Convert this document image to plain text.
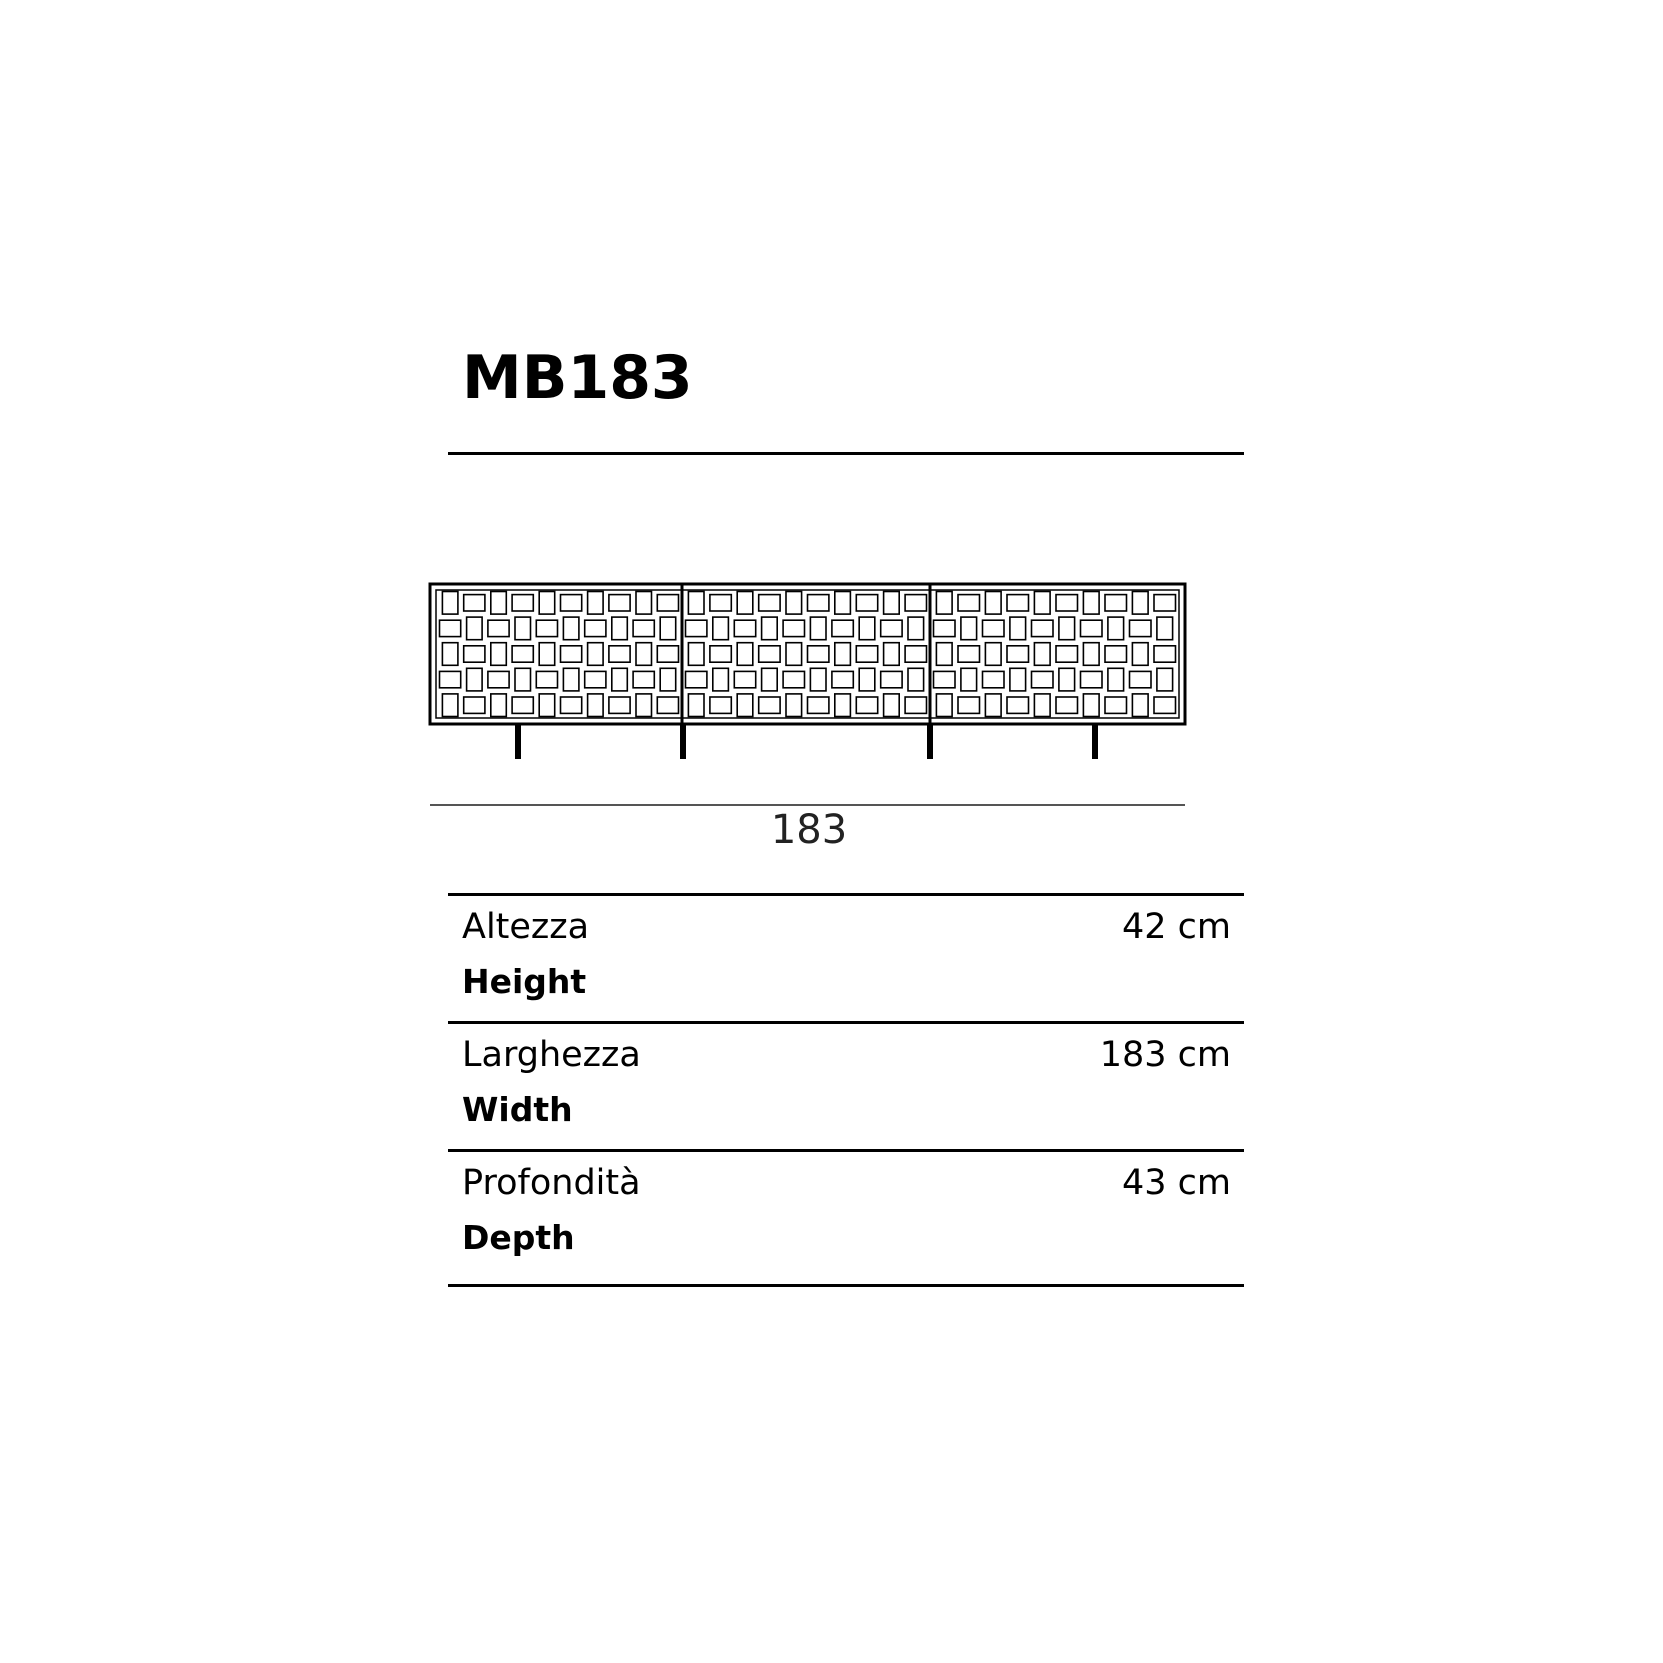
MB183
183
Altezza
Height
42 cm
Larghezza
Width
183 cm
Profondità
Depth
43 cm
